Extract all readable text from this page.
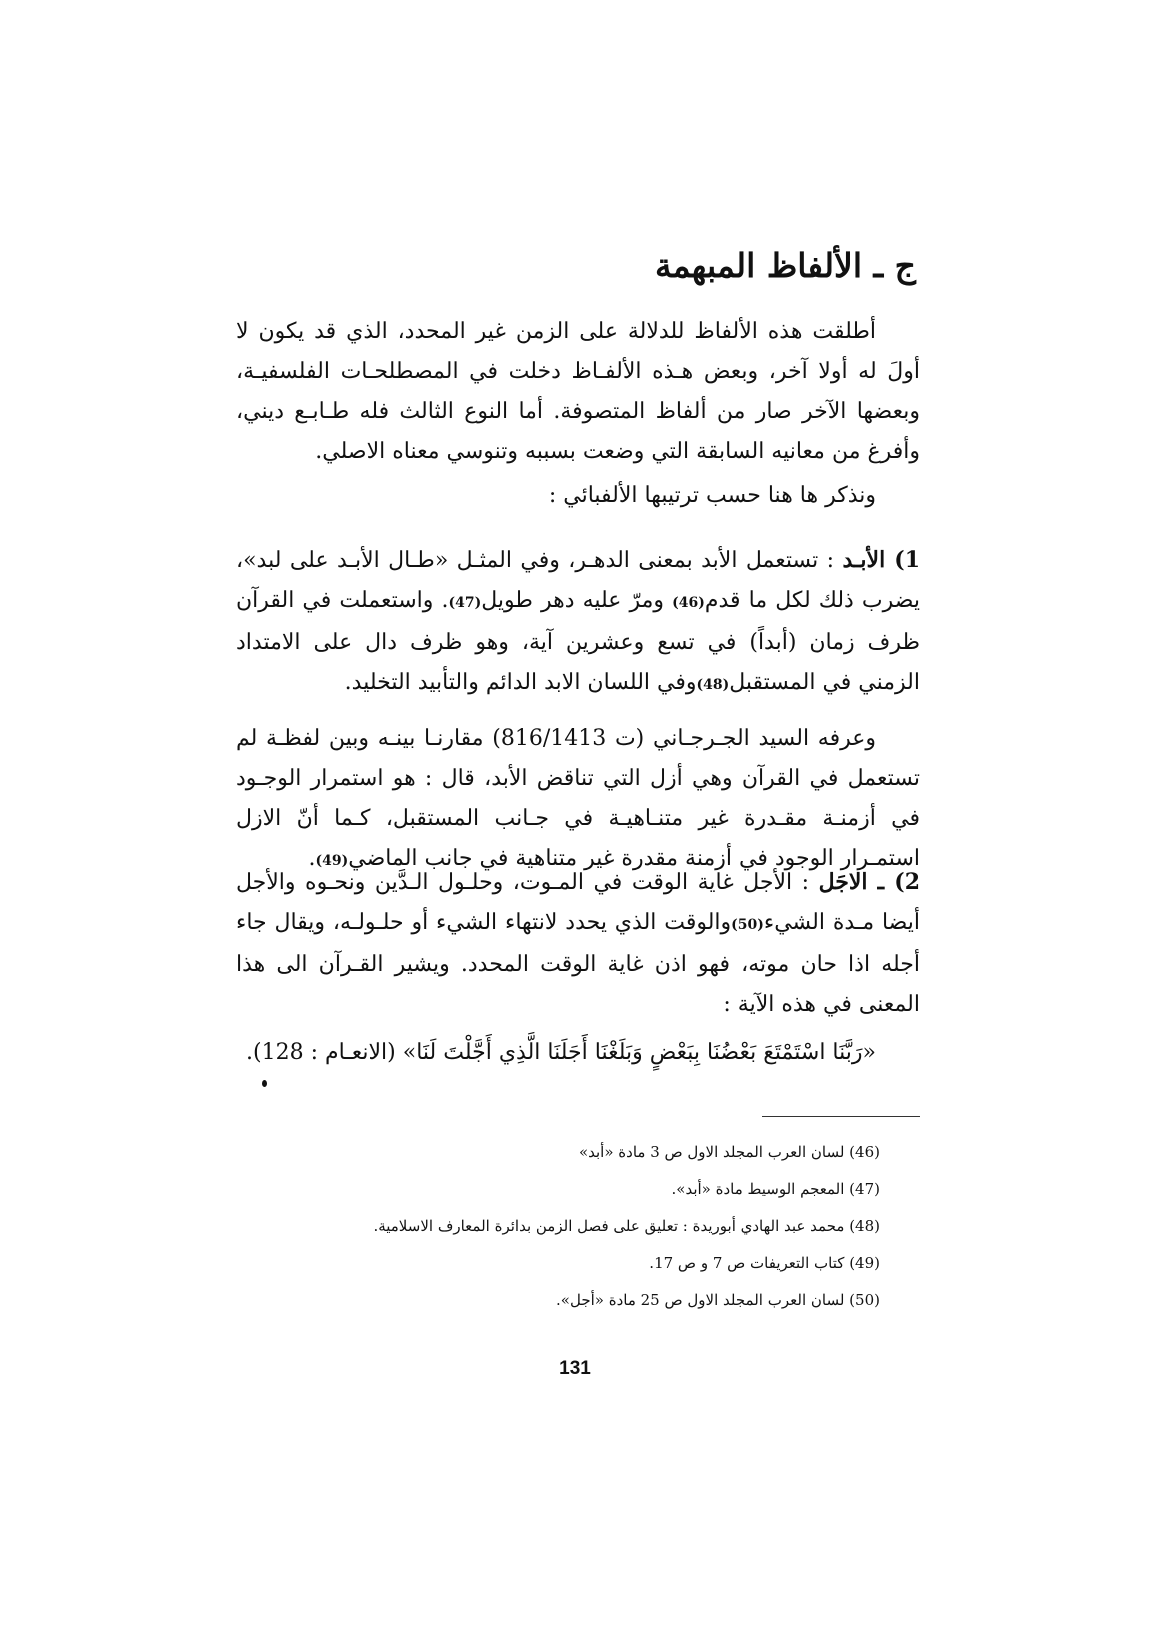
ج ـ الألفاظ المبهمة

أطلقت هذه الألفاظ للدلالة على الزمن غير المحدد، الذي قد يكون لا أولَ له أولا آخر، وبعض هـذه الألفـاظ دخلت في المصطلحـات الفلسفيـة، وبعضها الآخر صار من ألفاظ المتصوفة. أما النوع الثالث فله طـابـع ديني، وأفرغ من معانيه السابقة التي وضعت بسببه وتنوسي معناه الاصلي.

ونذكر ها هنا حسب ترتيبها الألفبائي :

1) الأبـد : تستعمل الأبد بمعنى الدهـر، وفي المثـل «طـال الأبـد على لبد»، يضرب ذلك لكل ما قدم(46) ومرّ عليه دهر طويل(47). واستعملت في القرآن ظرف زمان (أبداً) في تسع وعشرين آية، وهو ظرف دال على الامتداد الزمني في المستقبل(48)وفي اللسان الابد الدائم والتأبيد التخليد.

وعرفه السيد الجـرجـاني (ت 816/1413) مقارنـا بينـه وبين لفظـة لم تستعمل في القرآن وهي أزل التي تناقض الأبد، قال : هو استمرار الوجـود في أزمنـة مقـدرة غير متنـاهيـة في جـانب المستقبل، كـما أنّ الازل استمـرار الوجود في أزمنة مقدرة غير متناهية في جانب الماضي(49).

2) ـ الاجَل : الأجل غاية الوقت في المـوت، وحلـول الـدَّين ونحـوه والأجل أيضا مـدة الشيء(50)والوقت الذي يحدد لانتهاء الشيء أو حلـولـه، ويقال جاء أجله اذا حان موته، فهو اذن غاية الوقت المحدد. ويشير القـرآن الى هذا المعنى في هذه الآية :

«رَبَّنَا اسْتَمْتَعَ بَعْضُنَا بِبَعْضٍ وَبَلَغْنَا أَجَلَنَا الَّذِي أَجَّلْتَ لَنَا» (الانعـام : 128).

(46) لسان العرب المجلد الاول ص 3 مادة «أبد»
(47) المعجم الوسيط مادة «أبد».
(48) محمد عبد الهادي أبوريدة : تعليق على فصل الزمن بدائرة المعارف الاسلامية.
(49) كتاب التعريفات ص 7 و ص 17.
(50) لسان العرب المجلد الاول ص 25 مادة «أجل».
131
